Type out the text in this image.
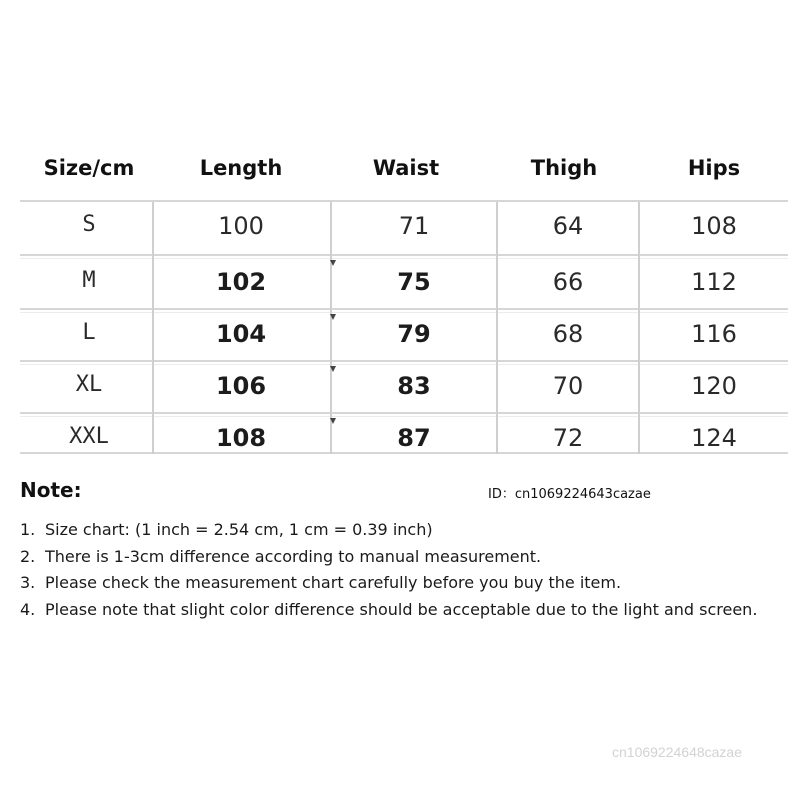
Size/cm	Length	Waist	Thigh	Hips
S	100	71	64	108
M	102	75	66	112
L	104	79	68	116
XL	106	83	70	120
XXL	108	87	72	124
Note:	ID：cn1069224643cazae
1. Size chart: (1 inch = 2.54 cm, 1 cm = 0.39 inch)
2. There is 1-3cm difference according to manual measurement.
3. Please check the measurement chart carefully before you buy the item.
4. Please note that slight color difference should be acceptable due to the light and screen.
cn1069224648cazae
